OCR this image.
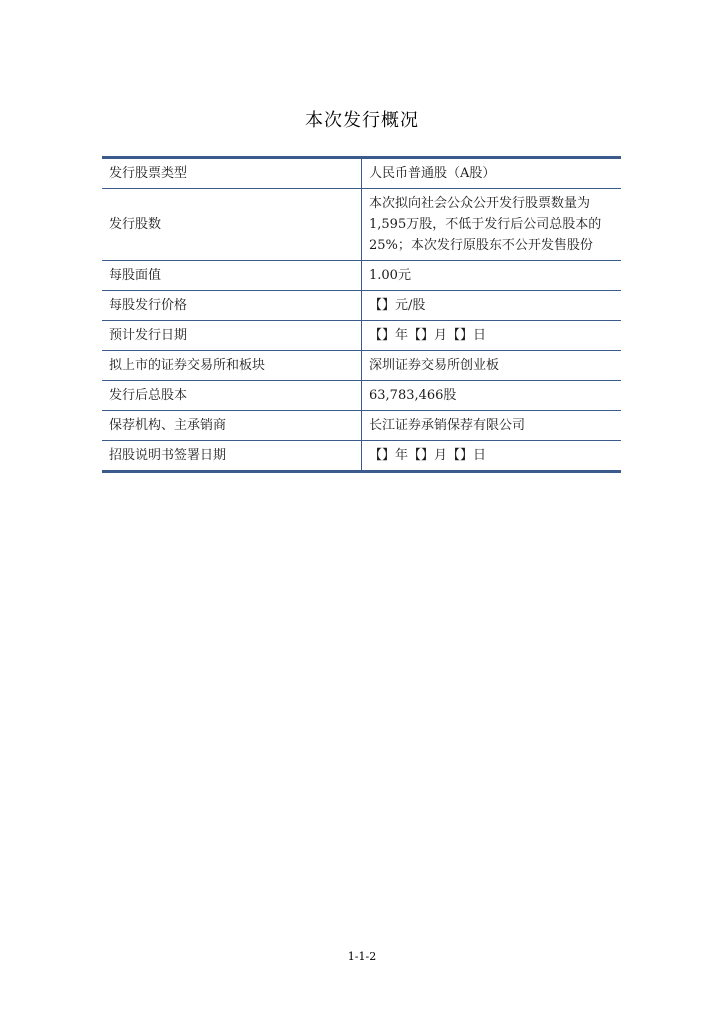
本次发行概况

发行股票类型	人民币普通股（A股）
发行股数	本次拟向社会公众公开发行股票数量为1,595万股，不低于发行后公司总股本的25%；本次发行原股东不公开发售股份
每股面值	1.00元
每股发行价格	【】元/股
预计发行日期	【】年【】月【】日
拟上市的证券交易所和板块	深圳证券交易所创业板
发行后总股本	63,783,466股
保荐机构、主承销商	长江证券承销保荐有限公司
招股说明书签署日期	【】年【】月【】日

1-1-2
